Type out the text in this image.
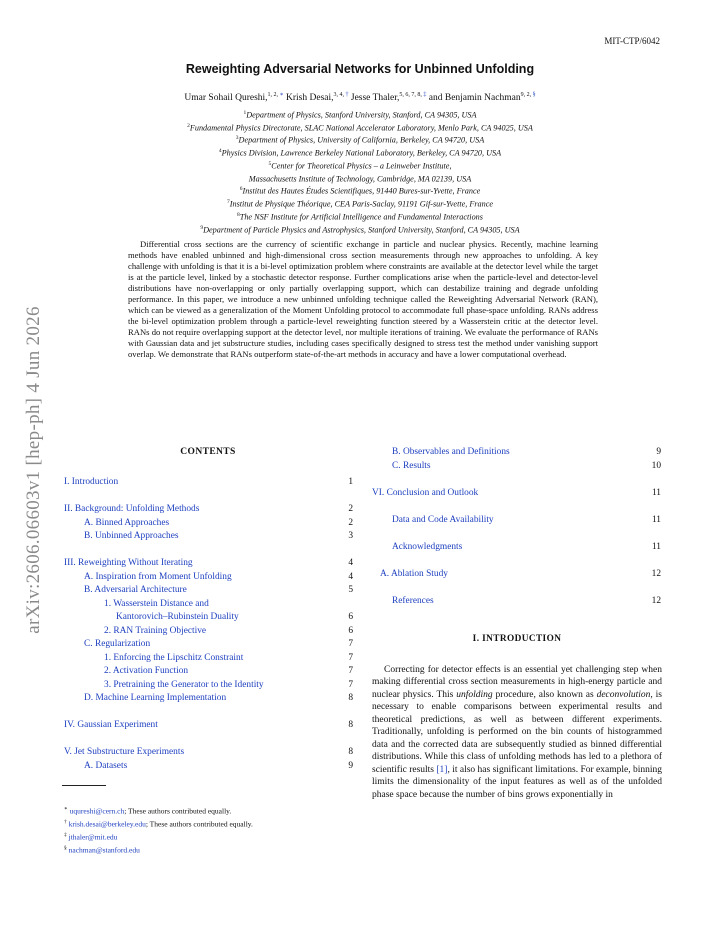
arXiv:2606.06603v1 [hep-ph] 4 Jun 2026
MIT-CTP/6042
Reweighting Adversarial Networks for Unbinned Unfolding
Umar Sohail Qureshi,$^{1, 2, ∗}$ Krish Desai,$^{3, 4, \dagger}$ Jesse Thaler,$^{5, 6, 7, 8, \ddagger}$ and Benjamin Nachman$^{9, 2, \S}$
$^1$Department of Physics, Stanford University, Stanford, CA 94305, USA
$^2$Fundamental Physics Directorate, SLAC National Accelerator Laboratory, Menlo Park, CA 94025, USA
$^3$Department of Physics, University of California, Berkeley, CA 94720, USA
$^4$Physics Division, Lawrence Berkeley National Laboratory, Berkeley, CA 94720, USA
$^5$Center for Theoretical Physics – a Leinweber Institute,
Massachusetts Institute of Technology, Cambridge, MA 02139, USA
$^6$Institut des Hautes Études Scientifiques, 91440 Bures-sur-Yvette, France
$^7$Institut de Physique Théorique, CEA Paris-Saclay, 91191 Gif-sur-Yvette, France
$^8$The NSF Institute for Artificial Intelligence and Fundamental Interactions
$^9$Department of Particle Physics and Astrophysics, Stanford University, Stanford, CA 94305, USA
Differential cross sections are the currency of scientific exchange in particle and nuclear physics. Recently, machine learning methods have enabled unbinned and high-dimensional cross section measurements through new approaches to unfolding. A key challenge with unfolding is that it is a bi-level optimization problem where constraints are available at the detector level while the target is at the particle level, linked by a stochastic detector response. Further complications arise when the particle-level and detector-level distributions have non-overlapping or only partially overlapping support, which can destabilize training and degrade unfolding performance. In this paper, we introduce a new unbinned unfolding technique called the Reweighting Adversarial Network (RAN), which can be viewed as a generalization of the Moment Unfolding protocol to accommodate full phase-space unfolding. RANs address the bi-level optimization problem through a particle-level reweighting function steered by a Wasserstein critic at the detector level. RANs do not require overlapping support at the detector level, nor multiple iterations of training. We evaluate the performance of RANs with Gaussian data and jet substructure studies, including cases specifically designed to stress test the method under vanishing support overlap. We demonstrate that RANs outperform state-of-the-art methods in accuracy and have a lower computational overhead.
CONTENTS
I. Introduction	1
II. Background: Unfolding Methods	2
A. Binned Approaches	2
B. Unbinned Approaches	3
III. Reweighting Without Iterating	4
A. Inspiration from Moment Unfolding	4
B. Adversarial Architecture	5
1. Wasserstein Distance and
Kantorovich–Rubinstein Duality	6
2. RAN Training Objective	6
C. Regularization	7
1. Enforcing the Lipschitz Constraint	7
2. Activation Function	7
3. Pretraining the Generator to the Identity	7
D. Machine Learning Implementation	8
IV. Gaussian Experiment	8
V. Jet Substructure Experiments	8
A. Datasets	9
B. Observables and Definitions	9
C. Results	10
VI. Conclusion and Outlook	11
Data and Code Availability	11
Acknowledgments	11
A. Ablation Study	12
References	12
I. INTRODUCTION
Correcting for detector effects is an essential yet challenging step when making differential cross section measurements in high-energy particle and nuclear physics. This unfolding procedure, also known as deconvolution, is necessary to enable comparisons between experimental results and theoretical predictions, as well as between different experiments. Traditionally, unfolding is performed on the bin counts of histogrammed data and the corrected data are subsequently studied as binned differential distributions. While this class of unfolding methods has led to a plethora of scientific results [1], it also has significant limitations. For example, binning limits the dimensionality of the input features as well as of the unfolded phase space because the number of bins grows exponentially in
∗ uqureshi@cern.ch; These authors contributed equally.
† krish.desai@berkeley.edu; These authors contributed equally.
‡ jthaler@mit.edu
§ nachman@stanford.edu
